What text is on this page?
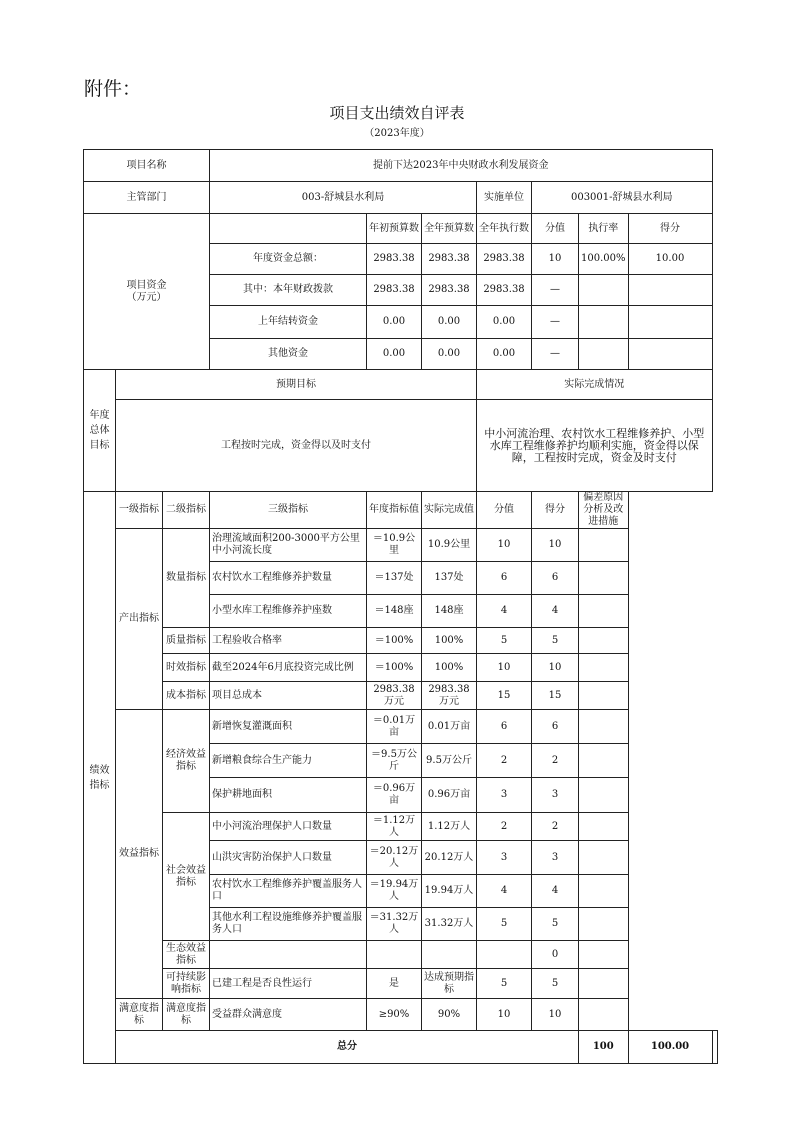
附件：
项目支出绩效自评表
（2023年度）
项目名称			提前下达2023年中央财政水利发展资金							
主管部门			003-舒城县水利局			实施单位	003001-舒城县水利局			
项目资金
（万元）				年初预算数	全年预算数	全年执行数	分值	执行率	得分	
			年度资金总额：	2983.38	2983.38	2983.38	10	100.00%	10.00	
			其中：本年财政拨款	2983.38	2983.38	2983.38	—			
			上年结转资金	0.00	0.00	0.00	—			
			其他资金	0.00	0.00	0.00	—			
年度总体目标	预期目标					实际完成情况				
	工程按时完成，资金得以及时支付					中小河流治理、农村饮水工程维修养护、小型水库工程维修养护均顺利实施，资金得以保障，工程按时完成，资金及时支付				
绩效指标	一级指标	二级指标	三级指标	年度指标值	实际完成值	分值	得分	偏差原因分析及改进措施		
	产出指标	数量指标	治理流域面积200-3000平方公里中小河流长度	＝10.9公里	10.9公里	10	10			
			农村饮水工程维修养护数量	＝137处	137处	6	6			
			小型水库工程维修养护座数	＝148座	148座	4	4			
		质量指标	工程验收合格率	＝100%	100%	5	5			
		时效指标	截至2024年6月底投资完成比例	＝100%	100%	10	10			
		成本指标	项目总成本	2983.38万元	2983.38万元	15	15			
	效益指标	经济效益指标	新增恢复灌溉面积	＝0.01万亩	0.01万亩	6	6			
			新增粮食综合生产能力	＝9.5万公斤	9.5万公斤	2	2			
			保护耕地面积	＝0.96万亩	0.96万亩	3	3			
		社会效益指标	中小河流治理保护人口数量	＝1.12万人	1.12万人	2	2			
			山洪灾害防治保护人口数量	＝20.12万人	20.12万人	3	3			
			农村饮水工程维修养护覆盖服务人口	＝19.94万人	19.94万人	4	4			
			其他水利工程设施维修养护覆盖服务人口	＝31.32万人	31.32万人	5	5			
		生态效益指标					0			
		可持续影响指标	已建工程是否良性运行	是	达成预期指标	5	5			
	满意度指标	满意度指标	受益群众满意度	≥90%	90%	10	10			
	总分							100	100.00	
